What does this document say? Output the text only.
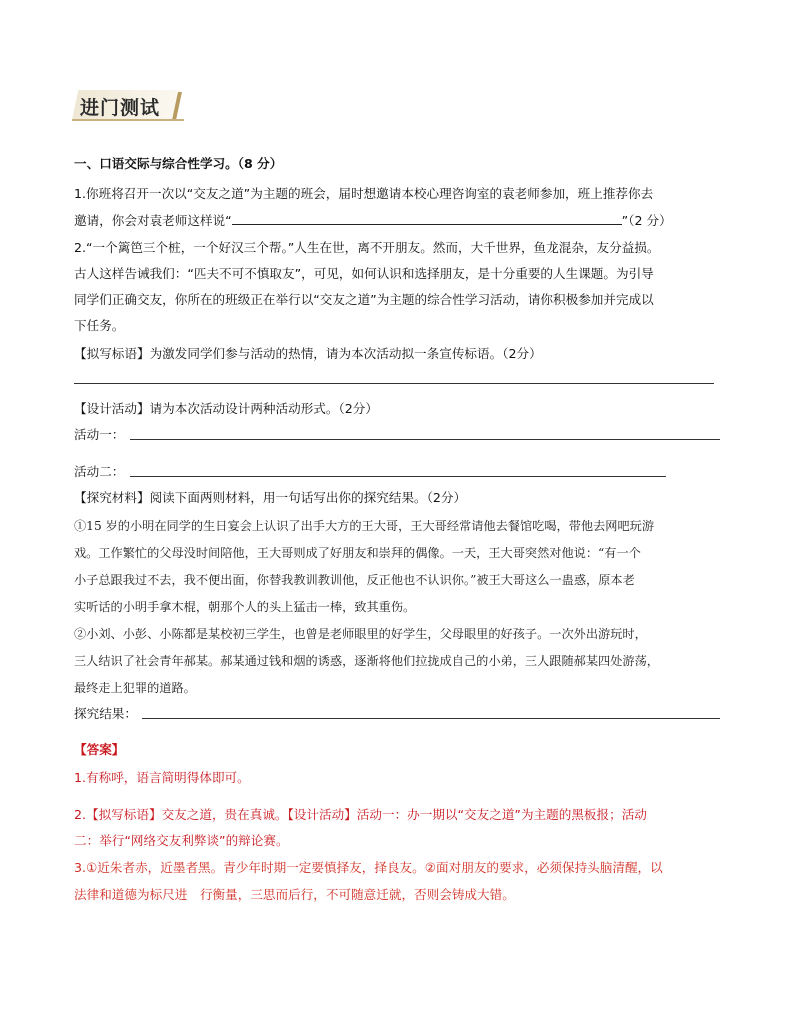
进门测试
一、口语交际与综合性学习。（8 分）
1.你班将召开一次以“交友之道”为主题的班会，届时想邀请本校心理咨询室的袁老师参加，班上推荐你去
邀请，你会对袁老师这样说“	”（2 分）
2.“一个篱笆三个桩，一个好汉三个帮。”人生在世，离不开朋友。然而，大千世界，鱼龙混杂，友分益损。
古人这样告诫我们：“匹夫不可不慎取友”，可见，如何认识和选择朋友，是十分重要的人生课题。为引导
同学们正确交友，你所在的班级正在举行以“交友之道”为主题的综合性学习活动，请你积极参加并完成以
下任务。
【拟写标语】为激发同学们参与活动的热情，请为本次活动拟一条宣传标语。（2分）
【设计活动】请为本次活动设计两种活动形式。（2分）
活动一：
活动二：
【探究材料】阅读下面两则材料，用一句话写出你的探究结果。（2分）
①15 岁的小明在同学的生日宴会上认识了出手大方的王大哥，王大哥经常请他去餐馆吃喝，带他去网吧玩游
戏。工作繁忙的父母没时间陪他，王大哥则成了好朋友和崇拜的偶像。一天，王大哥突然对他说：“有一个
小子总跟我过不去，我不便出面，你替我教训教训他，反正他也不认识你。”被王大哥这么一蛊惑，原本老
实听话的小明手拿木棍，朝那个人的头上猛击一棒，致其重伤。
②小刘、小彭、小陈都是某校初三学生，也曾是老师眼里的好学生，父母眼里的好孩子。一次外出游玩时，
三人结识了社会青年郝某。郝某通过钱和烟的诱惑，逐渐将他们拉拢成自己的小弟，三人跟随郝某四处游荡，
最终走上犯罪的道路。
探究结果：
【答案】
1.有称呼，语言简明得体即可。
2.【拟写标语】交友之道，贵在真诚。【设计活动】活动一：办一期以“交友之道”为主题的黑板报；活动
二：举行“网络交友利弊谈”的辩论赛。
3.①近朱者赤，近墨者黑。青少年时期一定要慎择友，择良友。②面对朋友的要求，必须保持头脑清醒，以
法律和道德为标尺进　行衡量，三思而后行，不可随意迁就，否则会铸成大错。
